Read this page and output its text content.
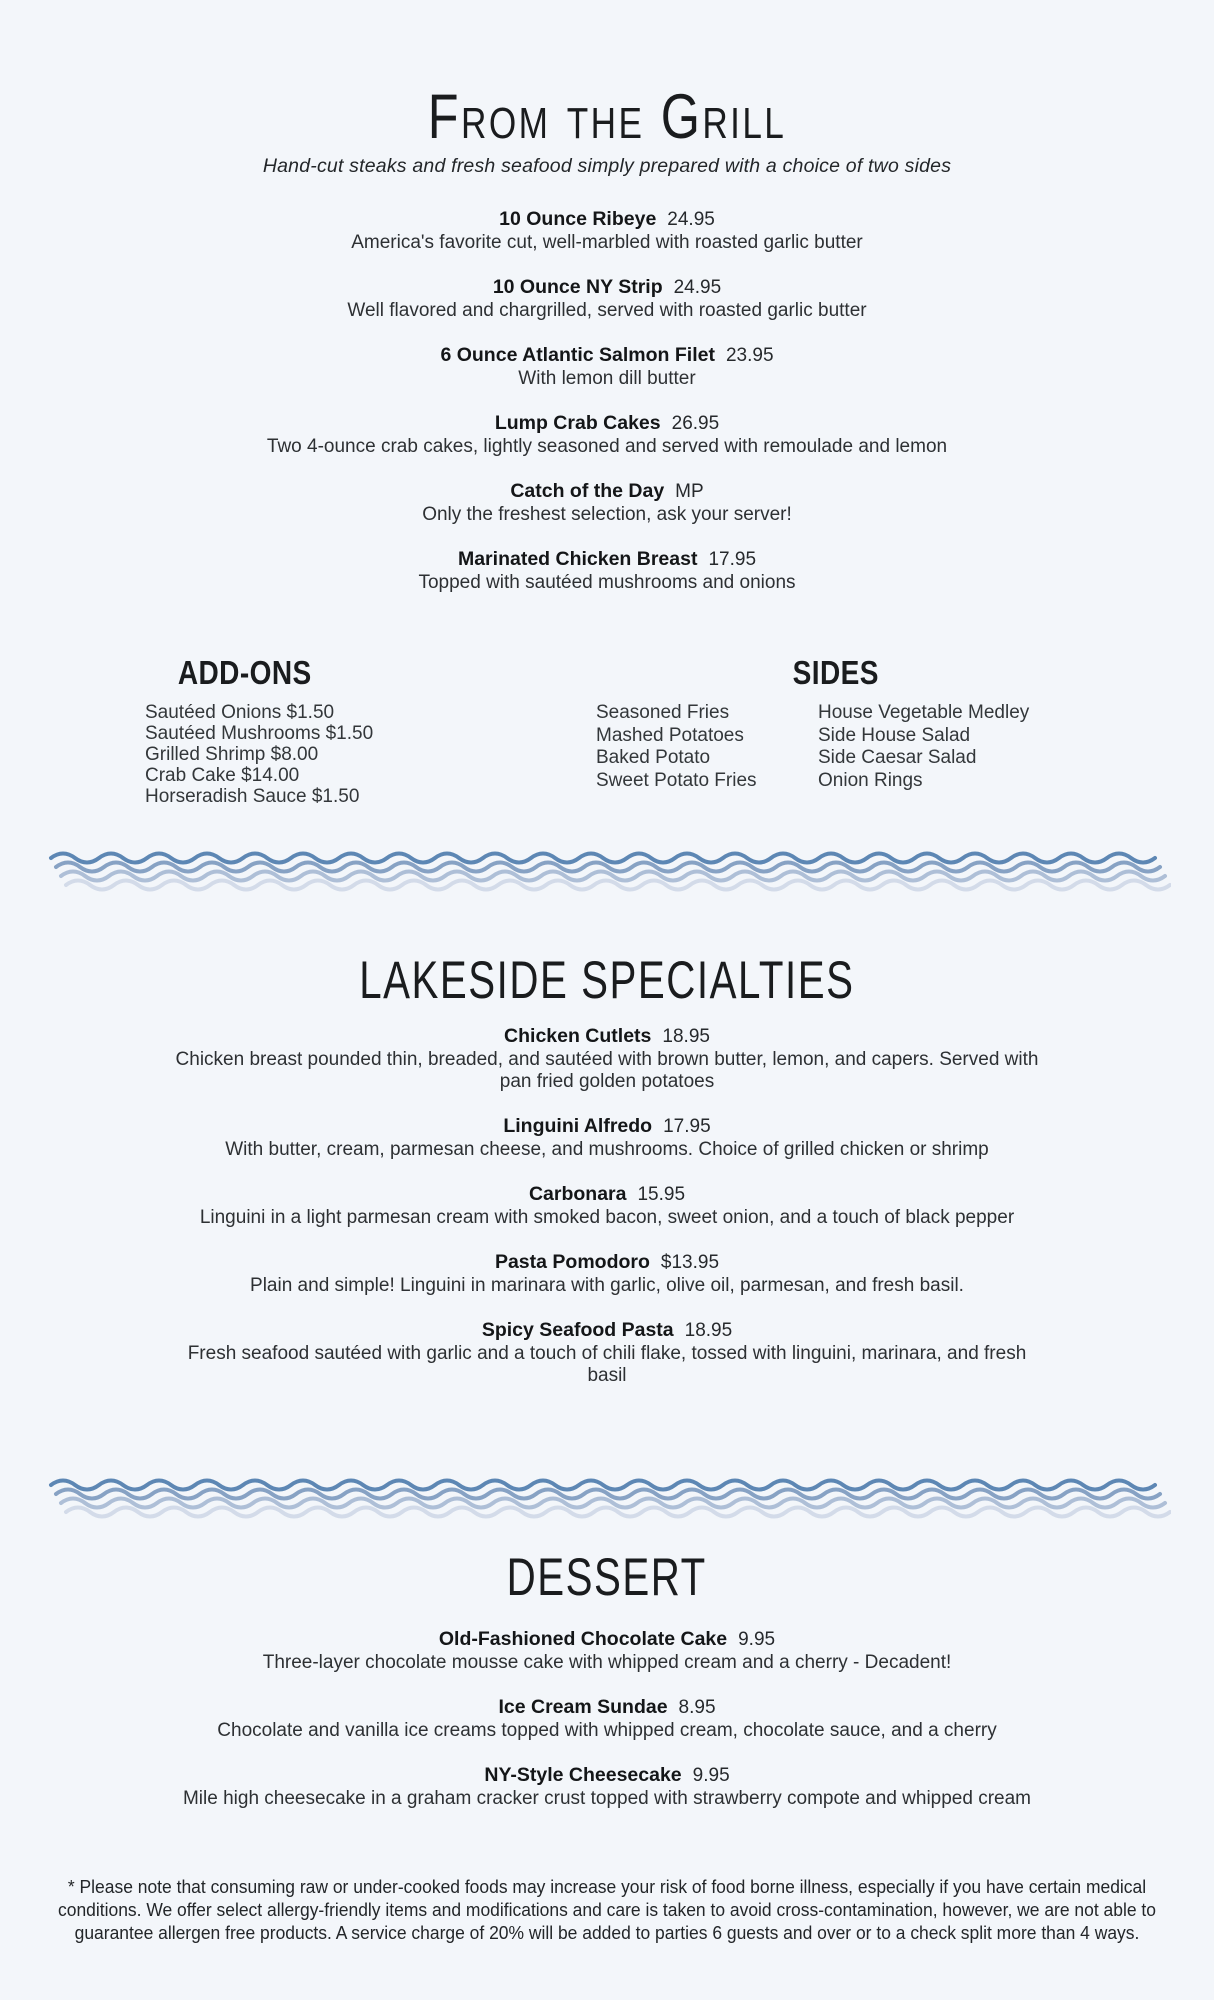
From the Grill

Hand-cut steaks and fresh seafood simply prepared with a choice of two sides

10 Ounce Ribeye 24.95
America's favorite cut, well-marbled with roasted garlic butter
10 Ounce NY Strip 24.95
Well flavored and chargrilled, served with roasted garlic butter
6 Ounce Atlantic Salmon Filet 23.95
With lemon dill butter
Lump Crab Cakes 26.95
Two 4-ounce crab cakes, lightly seasoned and served with remoulade and lemon
Catch of the Day MP
Only the freshest selection, ask your server!
Marinated Chicken Breast 17.95
Topped with sautéed mushrooms and onions
ADD-ONS
Sautéed Onions $1.50
Sautéed Mushrooms $1.50
Grilled Shrimp $8.00
Crab Cake $14.00
Horseradish Sauce $1.50
SIDES
Seasoned Fries
Mashed Potatoes
Baked Potato
Sweet Potato Fries
House Vegetable Medley
Side House Salad
Side Caesar Salad
Onion Rings
LAKESIDE SPECIALTIES
Chicken Cutlets 18.95
Chicken breast pounded thin, breaded, and sautéed with brown butter, lemon, and capers. Served with pan fried golden potatoes
Linguini Alfredo 17.95
With butter, cream, parmesan cheese, and mushrooms. Choice of grilled chicken or shrimp
Carbonara 15.95
Linguini in a light parmesan cream with smoked bacon, sweet onion, and a touch of black pepper
Pasta Pomodoro $13.95
Plain and simple! Linguini in marinara with garlic, olive oil, parmesan, and fresh basil.
Spicy Seafood Pasta 18.95
Fresh seafood sautéed with garlic and a touch of chili flake, tossed with linguini, marinara, and fresh basil
DESSERT
Old-Fashioned Chocolate Cake 9.95
Three-layer chocolate mousse cake with whipped cream and a cherry - Decadent!
Ice Cream Sundae 8.95
Chocolate and vanilla ice creams topped with whipped cream, chocolate sauce, and a cherry
NY-Style Cheesecake 9.95
Mile high cheesecake in a graham cracker crust topped with strawberry compote and whipped cream
* Please note that consuming raw or under-cooked foods may increase your risk of food borne illness, especially if you have certain medical conditions. We offer select allergy-friendly items and modifications and care is taken to avoid cross-contamination, however, we are not able to guarantee allergen free products. A service charge of 20% will be added to parties 6 guests and over or to a check split more than 4 ways.
